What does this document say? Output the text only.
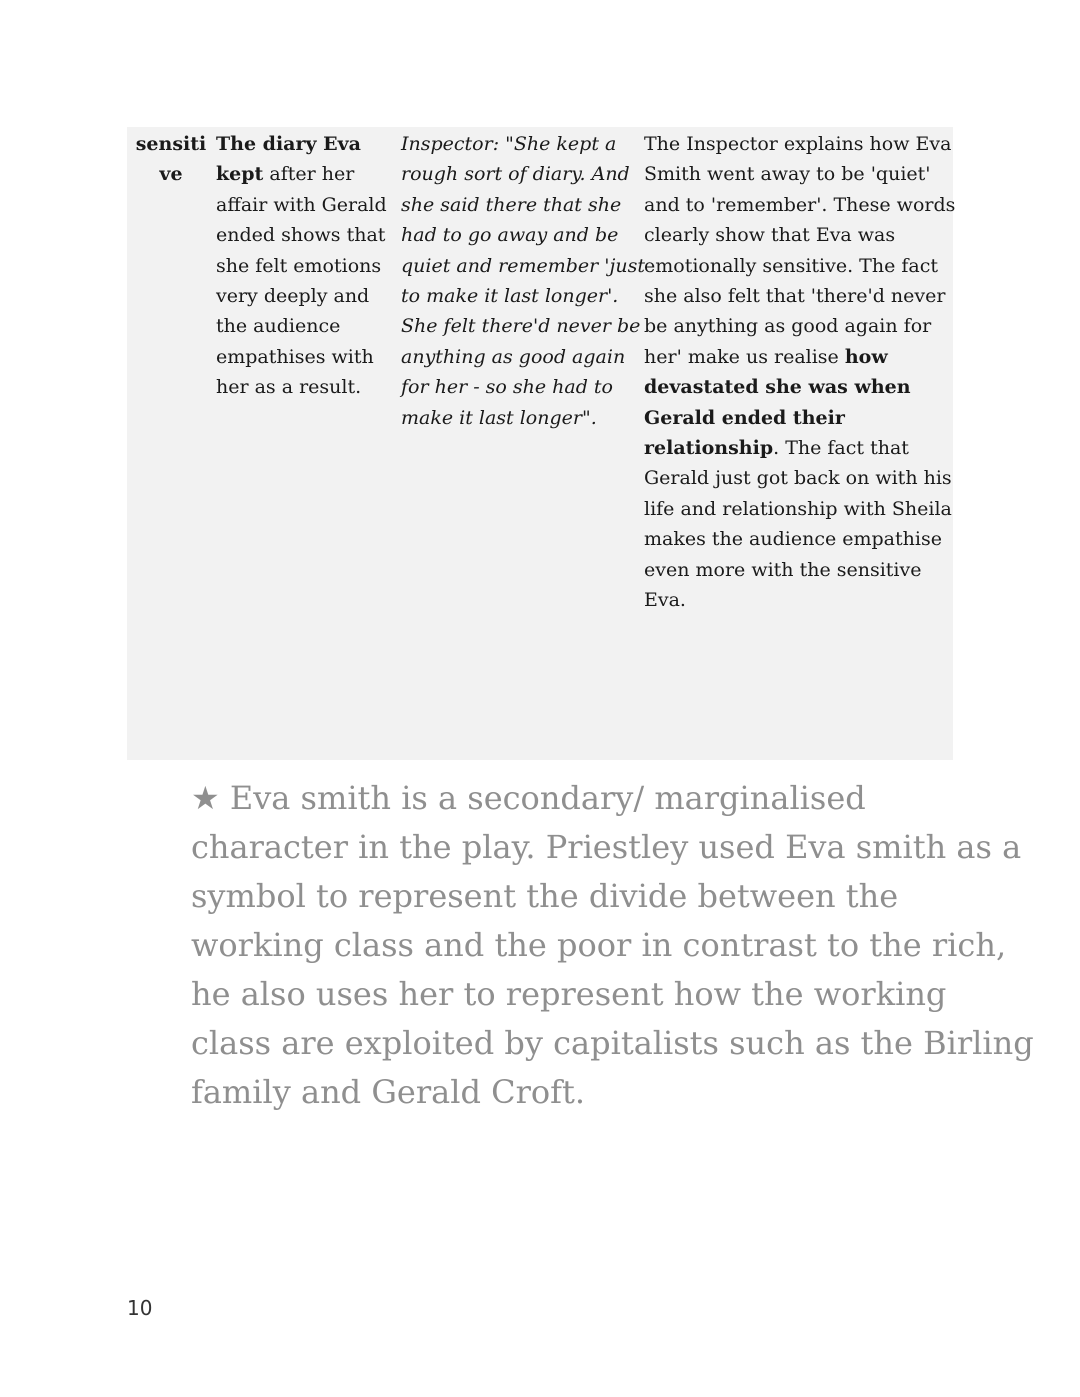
sensiti
ve
The diary Eva
kept after her
affair with Gerald
ended shows that
she felt emotions
very deeply and
the audience
empathises with
her as a result.
Inspector: "She kept a
rough sort of diary. And
she said there that she
had to go away and be
quiet and remember 'just
to make it last longer'.
She felt there'd never be
anything as good again
for her - so she had to
make it last longer".
The Inspector explains how Eva
Smith went away to be 'quiet'
and to 'remember'. These words
clearly show that Eva was
emotionally sensitive. The fact
she also felt that 'there'd never
be anything as good again for
her' make us realise how
devastated she was when
Gerald ended their
relationship. The fact that
Gerald just got back on with his
life and relationship with Sheila
makes the audience empathise
even more with the sensitive
Eva.
★ Eva smith is a secondary/ marginalised
character in the play. Priestley used Eva smith as a
symbol to represent the divide between the
working class and the poor in contrast to the rich,
he also uses her to represent how the working
class are exploited by capitalists such as the Birling
family and Gerald Croft.
10
